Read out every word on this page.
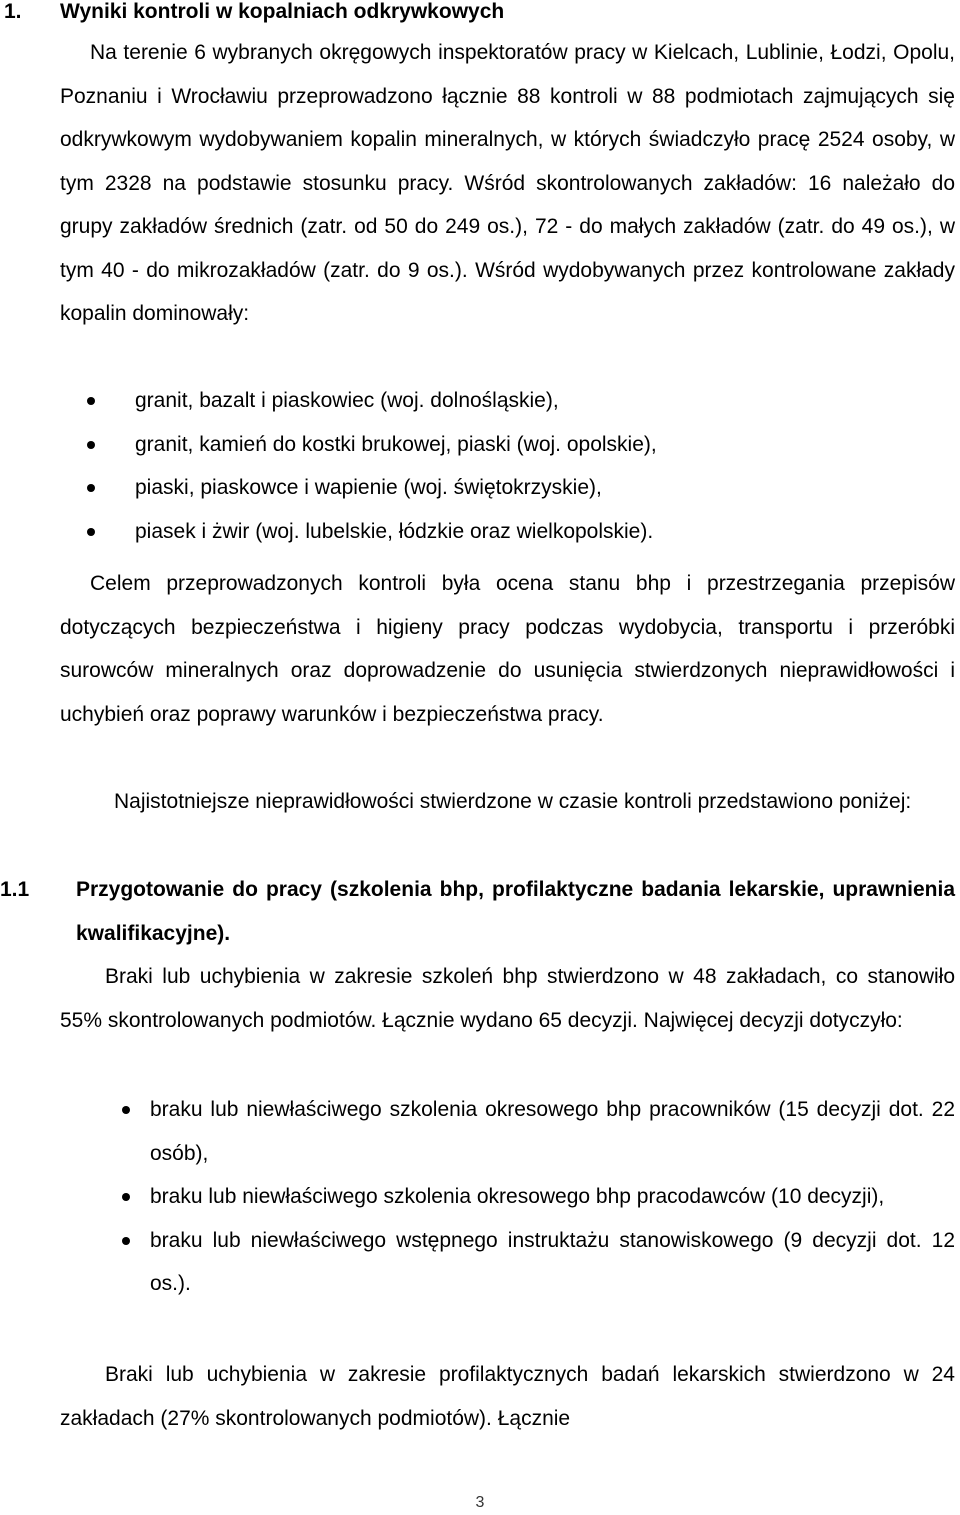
1. Wyniki kontroli w kopalniach odkrywkowych

Na terenie 6 wybranych okręgowych inspektoratów pracy w Kielcach, Lublinie, Łodzi, Opolu, Poznaniu i Wrocławiu przeprowadzono łącznie 88 kontroli w 88 podmiotach zajmujących się odkrywkowym wydobywaniem kopalin mineralnych, w których świadczyło pracę 2524 osoby, w tym 2328 na podstawie stosunku pracy. Wśród skontrolowanych zakładów: 16 należało do grupy zakładów średnich (zatr. od 50 do 249 os.), 72 - do małych zakładów (zatr. do 49 os.), w tym 40 - do mikrozakładów (zatr. do 9 os.). Wśród wydobywanych przez kontrolowane zakłady kopalin dominowały:

granit, bazalt i piaskowiec (woj. dolnośląskie),
granit, kamień do kostki brukowej, piaski (woj. opolskie),
piaski, piaskowce i wapienie (woj. świętokrzyskie),
piasek i żwir (woj. lubelskie, łódzkie oraz wielkopolskie).

Celem przeprowadzonych kontroli była ocena stanu bhp i przestrzegania przepisów dotyczących bezpieczeństwa i higieny pracy podczas wydobycia, transportu i przeróbki surowców mineralnych oraz doprowadzenie do usunięcia stwierdzonych nieprawidłowości i uchybień oraz poprawy warunków i bezpieczeństwa pracy.

Najistotniejsze nieprawidłowości stwierdzone w czasie kontroli przedstawiono poniżej:

1.1 Przygotowanie do pracy (szkolenia bhp, profilaktyczne badania lekarskie, uprawnienia kwalifikacyjne).

Braki lub uchybienia w zakresie szkoleń bhp stwierdzono w 48 zakładach, co stanowiło 55% skontrolowanych podmiotów. Łącznie wydano 65 decyzji. Najwięcej decyzji dotyczyło:

braku lub niewłaściwego szkolenia okresowego bhp pracowników (15 decyzji dot. 22 osób),
braku lub niewłaściwego szkolenia okresowego bhp pracodawców (10 decyzji),
braku lub niewłaściwego wstępnego instruktażu stanowiskowego (9 decyzji dot. 12 os.).

Braki lub uchybienia w zakresie profilaktycznych badań lekarskich stwierdzono w 24 zakładach (27% skontrolowanych podmiotów). Łącznie

3
